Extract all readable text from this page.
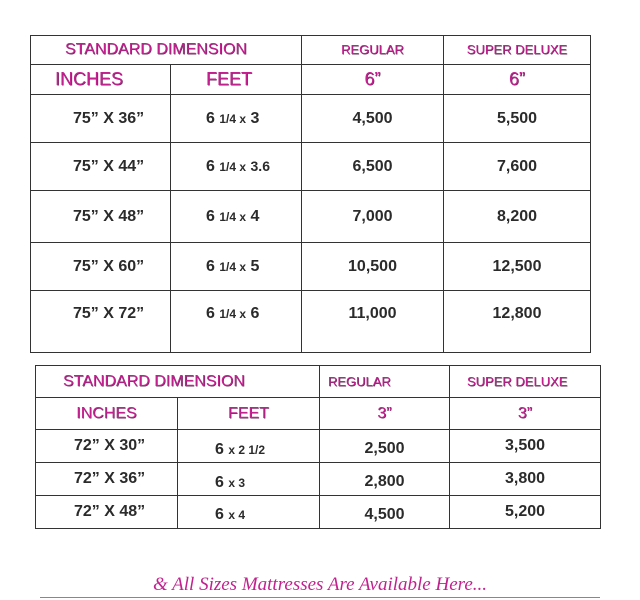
STANDARD DIMENSION		REGULAR	SUPER DELUXE
INCHES	FEET	6”	6”
75” X 36”	6 1/4 x 3	4,500	5,500
75” X 44”	6 1/4 x 3.6	6,500	7,600
75” X 48”	6 1/4 x 4	7,000	8,200
75” X 60”	6 1/4 x 5	10,500	12,500
75” X 72”	6 1/4 x 6	11,000	12,800
STANDARD DIMENSION		REGULAR	SUPER DELUXE
INCHES	FEET	3”	3”
72” X 30”	6 x 2 1/2	2,500	3,500
72” X 36”	6 x 3	2,800	3,800
72” X 48”	6 x 4	4,500	5,200
& All Sizes Mattresses Are Available Here...
